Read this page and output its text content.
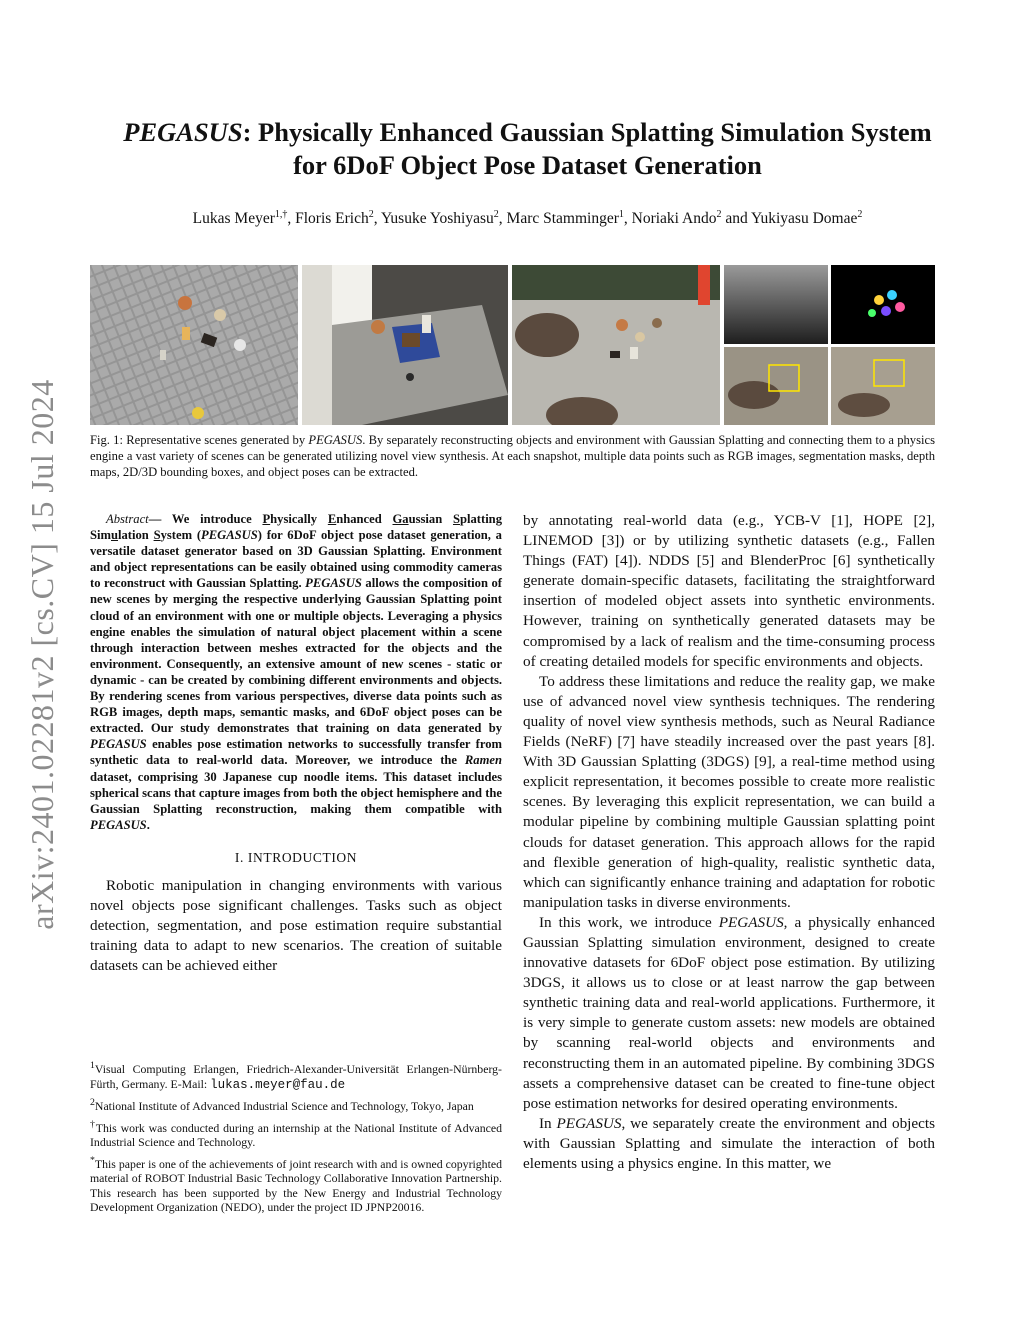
arXiv:2401.02281v2 [cs.CV] 15 Jul 2024
PEGASUS: Physically Enhanced Gaussian Splatting Simulation System
for 6DoF Object Pose Dataset Generation
Lukas Meyer$^{1,\dagger}$, Floris Erich$^2$, Yusuke Yoshiyasu$^2$, Marc Stamminger$^1$, Noriaki Ando$^2$ and Yukiyasu Domae$^2$
Fig. 1: Representative scenes generated by PEGASUS. By separately reconstructing objects and environment with Gaussian Splatting and connecting them to a physics engine a vast variety of scenes can be generated utilizing novel view synthesis. At each snapshot, multiple data points such as RGB images, segmentation masks, depth maps, 2D/3D bounding boxes, and object poses can be extracted.

Abstract— We introduce Physically Enhanced Gaussian Splatting Simulation System (PEGASUS) for 6DoF object pose dataset generation, a versatile dataset generator based on 3D Gaussian Splatting. Environment and object representations can be easily obtained using commodity cameras to reconstruct with Gaussian Splatting. PEGASUS allows the composition of new scenes by merging the respective underlying Gaussian Splatting point cloud of an environment with one or multiple objects. Leveraging a physics engine enables the simulation of natural object placement within a scene through interaction between meshes extracted for the objects and the environment. Consequently, an extensive amount of new scenes - static or dynamic - can be created by combining different environments and objects. By rendering scenes from various perspectives, diverse data points such as RGB images, depth maps, semantic masks, and 6DoF object poses can be extracted. Our study demonstrates that training on data generated by PEGASUS enables pose estimation networks to successfully transfer from synthetic data to real-world data. Moreover, we introduce the Ramen dataset, comprising 30 Japanese cup noodle items. This dataset includes spherical scans that capture images from both the object hemisphere and the Gaussian Splatting reconstruction, making them compatible with PEGASUS.

I. INTRODUCTION

Robotic manipulation in changing environments with various novel objects pose significant challenges. Tasks such as object detection, segmentation, and pose estimation require substantial training data to adapt to new scenarios. The creation of suitable datasets can be achieved either

$^1$Visual Computing Erlangen, Friedrich-Alexander-Universität Erlangen-Nürnberg-Fürth, Germany. E-Mail: lukas.meyer@fau.de

$^2$National Institute of Advanced Industrial Science and Technology, Tokyo, Japan

†This work was conducted during an internship at the National Institute of Advanced Industrial Science and Technology.

*This paper is one of the achievements of joint research with and is owned copyrighted material of ROBOT Industrial Basic Technology Collaborative Innovation Partnership. This research has been supported by the New Energy and Industrial Technology Development Organization (NEDO), under the project ID JPNP20016.

by annotating real-world data (e.g., YCB-V [1], HOPE [2], LINEMOD [3]) or by utilizing synthetic datasets (e.g., Fallen Things (FAT) [4]). NDDS [5] and BlenderProc [6] synthetically generate domain-specific datasets, facilitating the straightforward insertion of modeled object assets into synthetic environments. However, training on synthetically generated datasets may be compromised by a lack of realism and the time-consuming process of creating detailed models for specific environments and objects.

To address these limitations and reduce the reality gap, we make use of advanced novel view synthesis techniques. The rendering quality of novel view synthesis methods, such as Neural Radiance Fields (NeRF) [7] have steadily increased over the past years [8]. With 3D Gaussian Splatting (3DGS) [9], a real-time method using explicit representation, it becomes possible to create more realistic scenes. By leveraging this explicit representation, we can build a modular pipeline by combining multiple Gaussian splatting point clouds for dataset generation. This approach allows for the rapid and flexible generation of high-quality, realistic synthetic data, which can significantly enhance training and adaptation for robotic manipulation tasks in diverse environments.

In this work, we introduce PEGASUS, a physically enhanced Gaussian Splatting simulation environment, designed to create innovative datasets for 6DoF object pose estimation. By utilizing 3DGS, it allows us to close or at least narrow the gap between synthetic training data and real-world applications. Furthermore, it is very simple to generate custom assets: new models are obtained by scanning real-world objects and environments and reconstructing them in an automated pipeline. By combining 3DGS assets a comprehensive dataset can be created to fine-tune object pose estimation networks for desired operating environments.

In PEGASUS, we separately create the environment and objects with Gaussian Splatting and simulate the interaction of both elements using a physics engine. In this matter, we
